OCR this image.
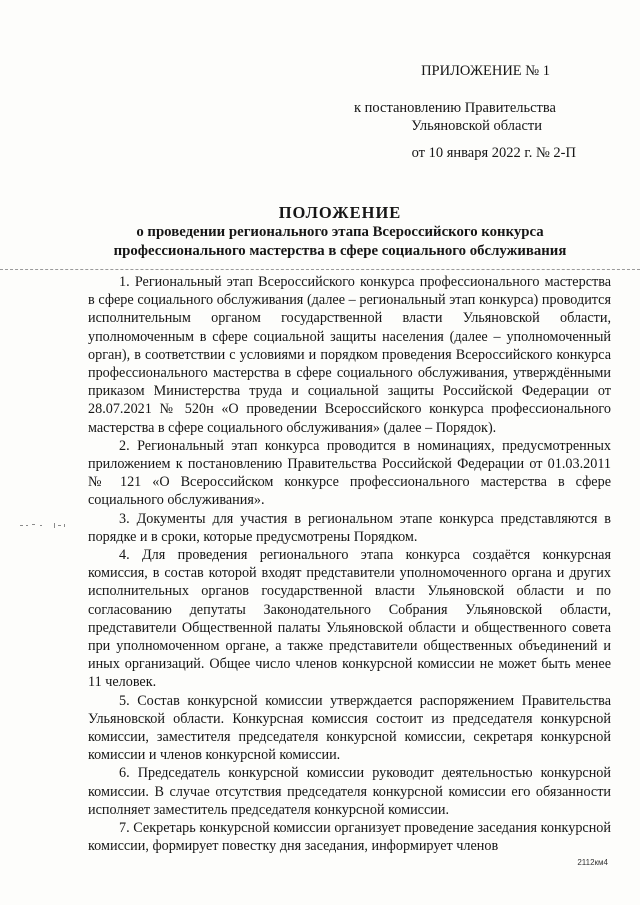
ПРИЛОЖЕНИЕ № 1
к постановлению Правительства
Ульяновской области
от 10 января 2022 г. № 2-П
ПОЛОЖЕНИЕ
о проведении регионального этапа Всероссийского конкурса
профессионального мастерства в сфере социального обслуживания

1. Региональный этап Всероссийского конкурса профессионального мастерства в сфере социального обслуживания (далее – региональный этап конкурса) проводится исполнительным органом государственной власти Ульяновской области, уполномоченным в сфере социальной защиты населения (далее – уполномоченный орган), в соответствии с условиями и порядком проведения Всероссийского конкурса профессионального мастерства в сфере социального обслуживания, утверждёнными приказом Министерства труда и социальной защиты Российской Федерации от 28.07.2021 № 520н «О проведении Всероссийского конкурса профессионального мастерства в сфере социального обслуживания» (далее – Порядок).

2. Региональный этап конкурса проводится в номинациях, предусмотренных приложением к постановлению Правительства Российской Федерации от 01.03.2011 № 121 «О Всероссийском конкурсе профессионального мастерства в сфере социального обслуживания».

3. Документы для участия в региональном этапе конкурса представляются в порядке и в сроки, которые предусмотрены Порядком.

4. Для проведения регионального этапа конкурса создаётся конкурсная комиссия, в состав которой входят представители уполномоченного органа и других исполнительных органов государственной власти Ульяновской области и по согласованию депутаты Законодательного Собрания Ульяновской области, представители Общественной палаты Ульяновской области и общественного совета при уполномоченном органе, а также представители общественных объединений и иных организаций. Общее число членов конкурсной комиссии не может быть менее 11 человек.

5. Состав конкурсной комиссии утверждается распоряжением Правительства Ульяновской области. Конкурсная комиссия состоит из председателя конкурсной комиссии, заместителя председателя конкурсной комиссии, секретаря конкурсной комиссии и членов конкурсной комиссии.

6. Председатель конкурсной комиссии руководит деятельностью конкурсной комиссии. В случае отсутствия председателя конкурсной комиссии его обязанности исполняет заместитель председателя конкурсной комиссии.

7. Секретарь конкурсной комиссии организует проведение заседания конкурсной комиссии, формирует повестку дня заседания, информирует членов

2112км4
